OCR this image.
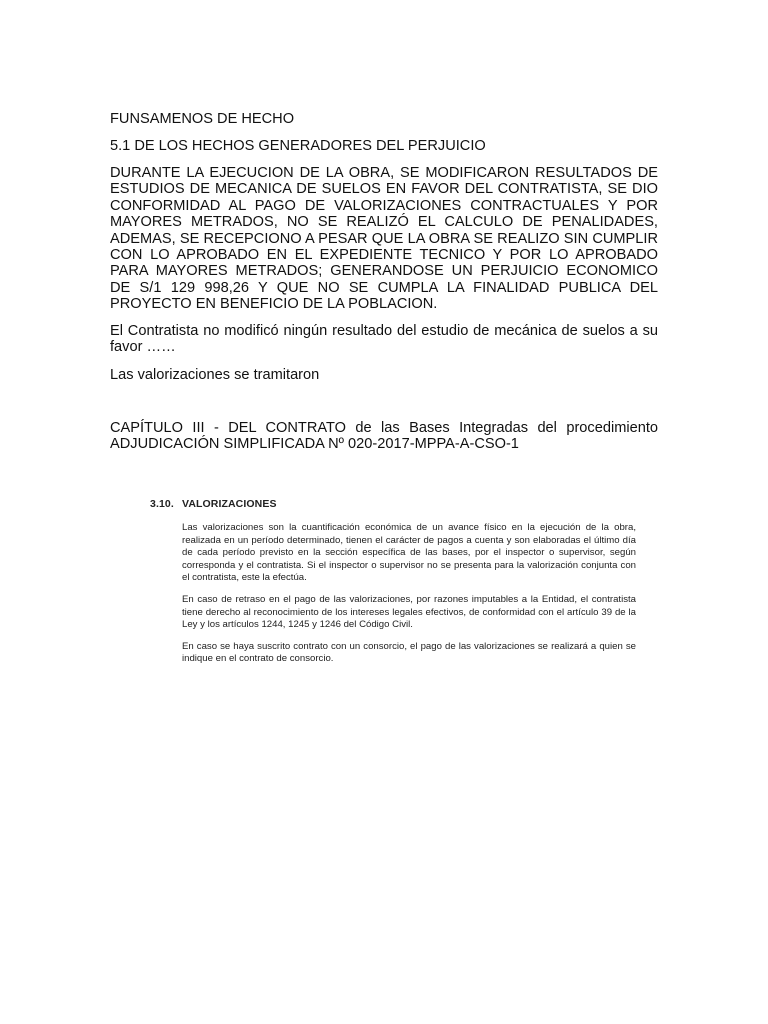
FUNSAMENOS DE HECHO

5.1 DE LOS HECHOS GENERADORES DEL PERJUICIO

DURANTE LA EJECUCION DE LA OBRA, SE MODIFICARON RESULTADOS DE ESTUDIOS DE MECANICA DE SUELOS EN FAVOR DEL CONTRATISTA, SE DIO CONFORMIDAD AL PAGO DE VALORIZACIONES CONTRACTUALES Y POR MAYORES METRADOS, NO SE REALIZÓ EL CALCULO DE PENALIDADES, ADEMAS, SE RECEPCIONO A PESAR QUE LA OBRA SE REALIZO SIN CUMPLIR CON LO APROBADO EN EL EXPEDIENTE TECNICO Y POR LO APROBADO PARA MAYORES METRADOS; GENERANDOSE UN PERJUICIO ECONOMICO DE S/1 129 998,26 Y QUE NO SE CUMPLA LA FINALIDAD PUBLICA DEL PROYECTO EN BENEFICIO DE LA POBLACION.

El Contratista no modificó ningún resultado del estudio de mecánica de suelos a su favor ……

Las valorizaciones se tramitaron

CAPÍTULO III - DEL CONTRATO de las Bases Integradas del procedimiento ADJUDICACIÓN SIMPLIFICADA Nº 020-2017-MPPA-A-CSO-1

3.10. VALORIZACIONES

Las valorizaciones son la cuantificación económica de un avance físico en la ejecución de la obra, realizada en un período determinado, tienen el carácter de pagos a cuenta y son elaboradas el último día de cada período previsto en la sección específica de las bases, por el inspector o supervisor, según corresponda y el contratista. Si el inspector o supervisor no se presenta para la valorización conjunta con el contratista, este la efectúa.

En caso de retraso en el pago de las valorizaciones, por razones imputables a la Entidad, el contratista tiene derecho al reconocimiento de los intereses legales efectivos, de conformidad con el artículo 39 de la Ley y los artículos 1244, 1245 y 1246 del Código Civil.

En caso se haya suscrito contrato con un consorcio, el pago de las valorizaciones se realizará a quien se indique en el contrato de consorcio.
